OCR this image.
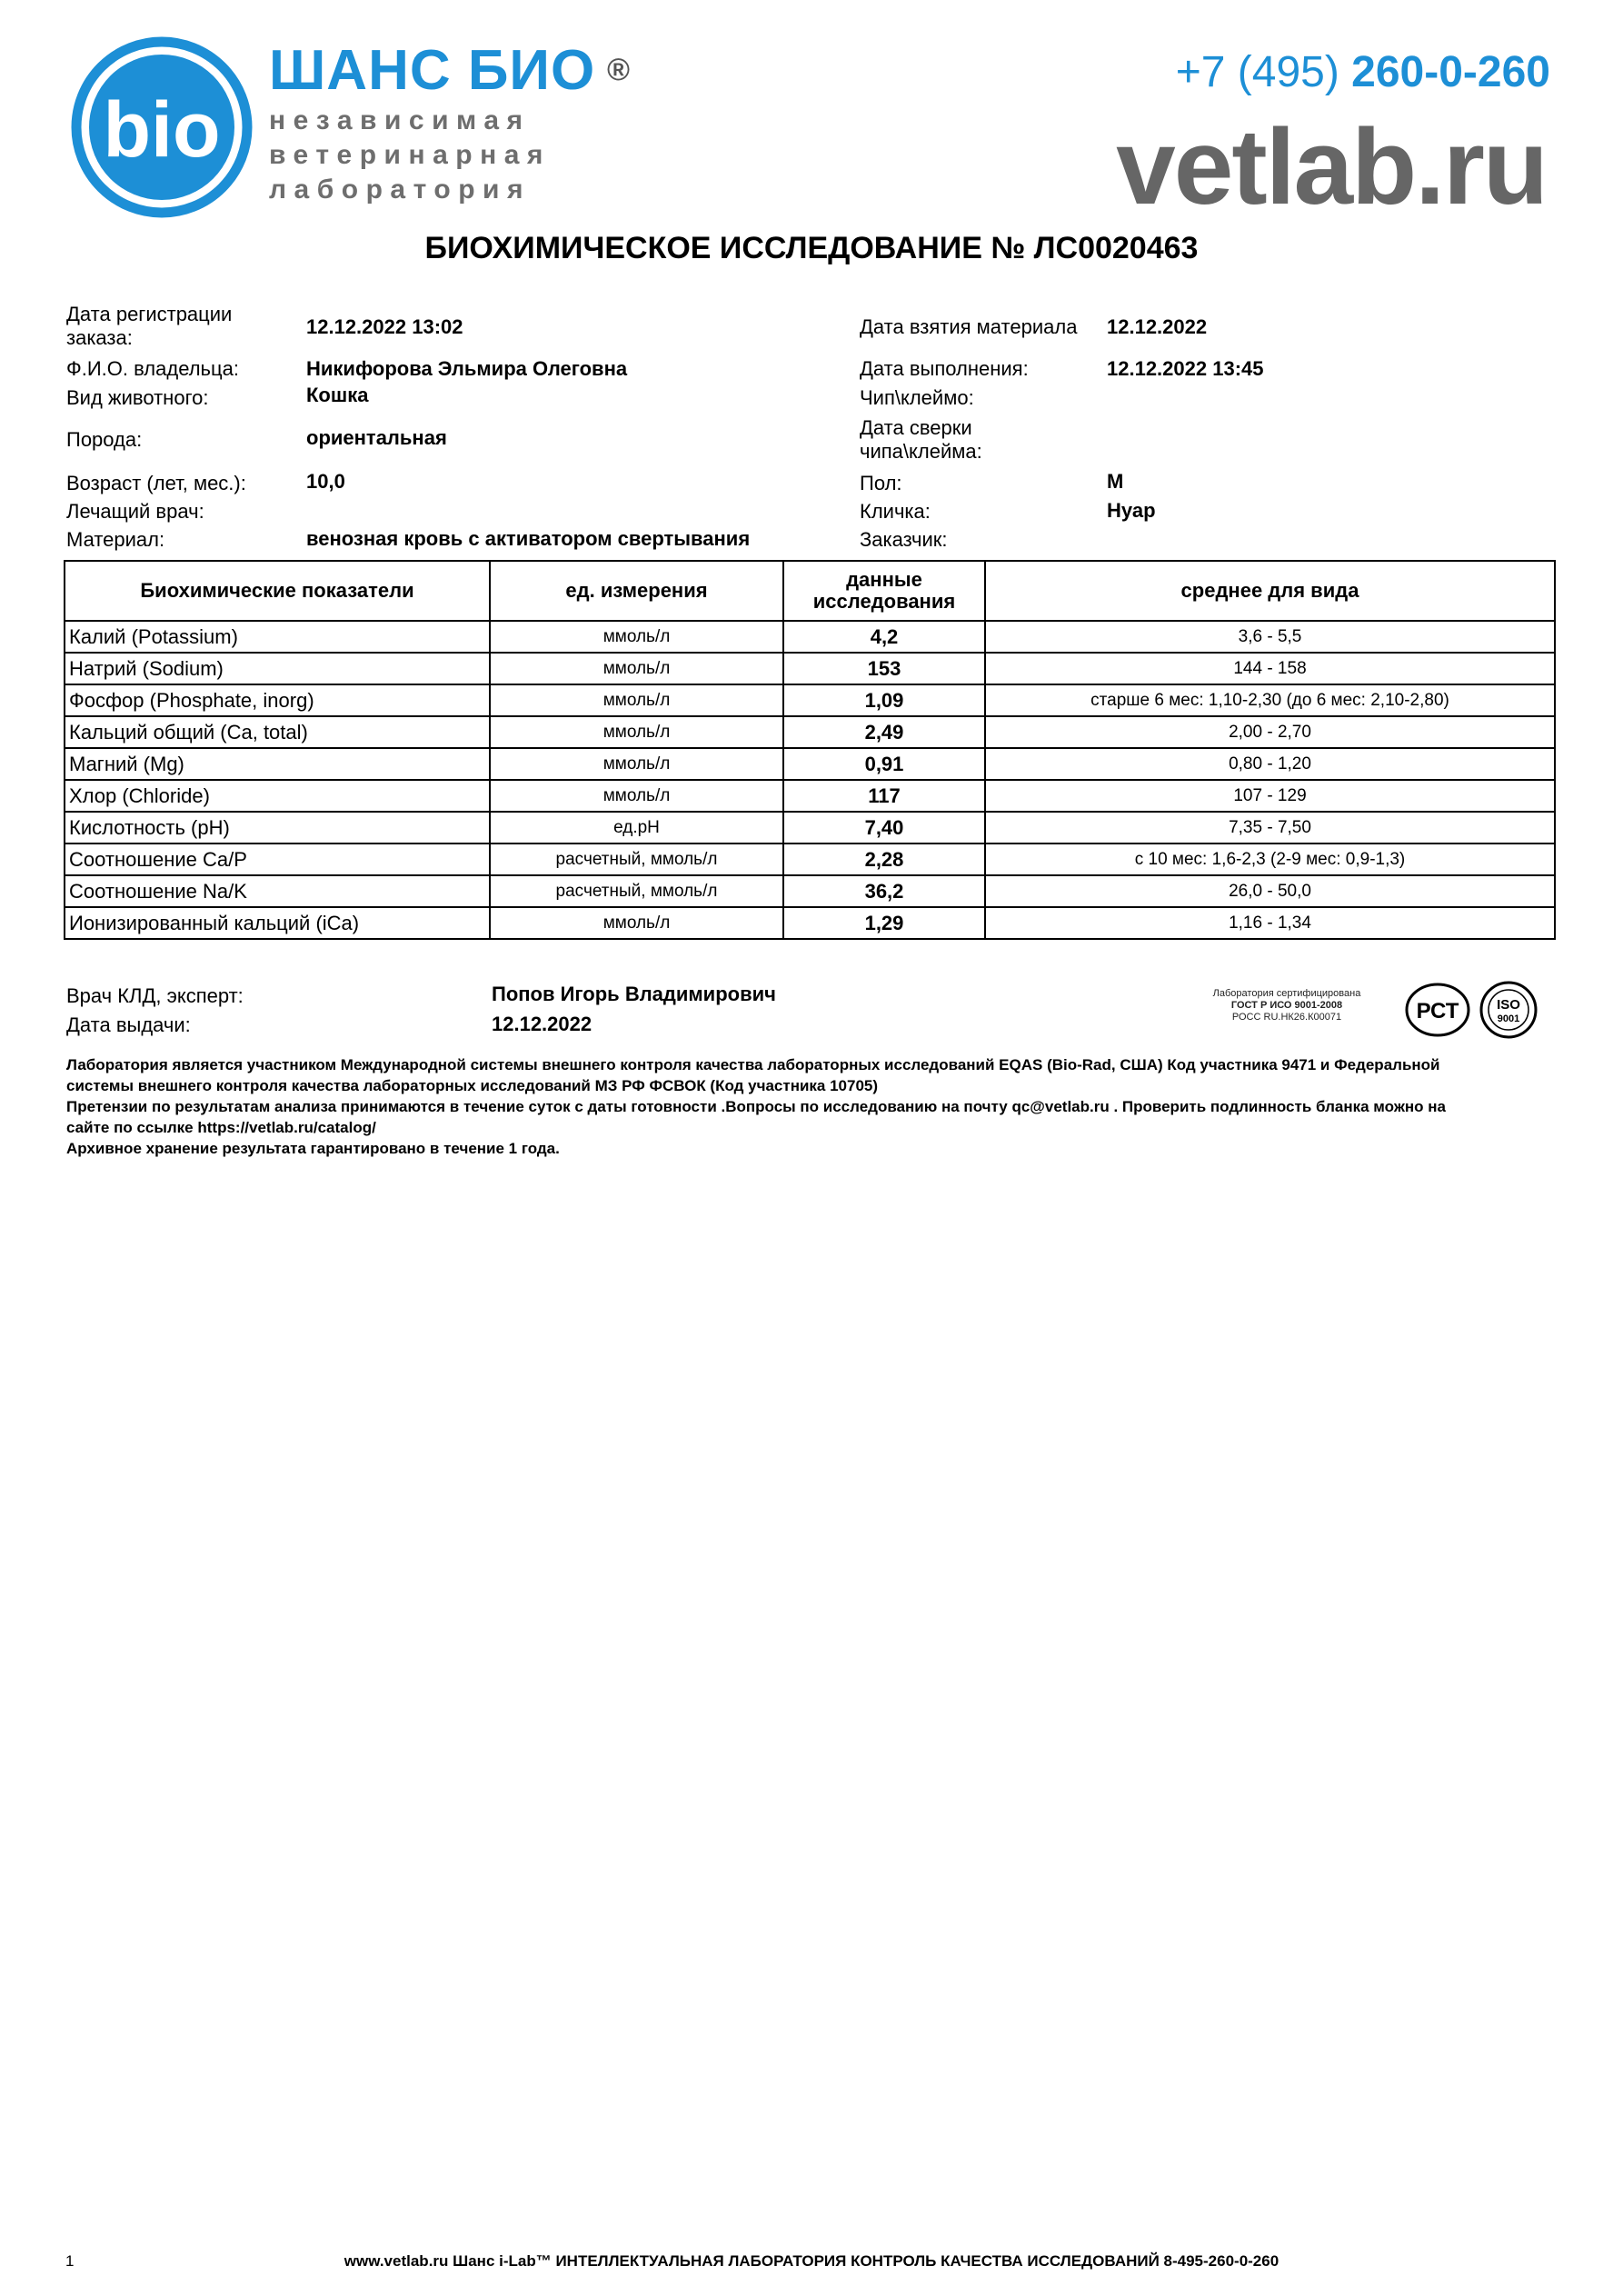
bio
ШАНС БИО ®
независимая
ветеринарная
лаборатория
+7 (495) 260-0-260
vetlab.ru
БИОХИМИЧЕСКОЕ ИССЛЕДОВАНИЕ № ЛС0020463
Дата регистрации
заказа:	12.12.2022 13:02
Ф.И.О. владельца:	Никифорова Эльмира Олеговна
Вид животного:	Кошка
Порода:	ориентальная
Возраст (лет, мес.):	10,0
Лечащий врач:
Материал:	венозная кровь с активатором свертывания
Дата взятия материала 12.12.2022
Дата выполнения:	12.12.2022 13:45
Чип\клеймо:
Дата сверки
чипа\клейма:
Пол:	М
Кличка:	Нуар
Заказчик:
Биохимические показатели	ед. измерения	данные
исследования	среднее для вида
Калий (Potassium)	ммоль/л	4,2	3,6 - 5,5
Натрий (Sodium)	ммоль/л	153	144 - 158
Фосфор (Phosphate, inorg)	ммоль/л	1,09	старше 6 мес: 1,10-2,30 (до 6 мес: 2,10-2,80)
Кальций общий (Ca, total)	ммоль/л	2,49	2,00 - 2,70
Магний (Mg)	ммоль/л	0,91	0,80 - 1,20
Хлор (Chloride)	ммоль/л	117	107 - 129
Кислотность (pH)	ед.pH	7,40	7,35 - 7,50
Соотношение Ca/P	расчетный, ммоль/л	2,28	с 10 мес: 1,6-2,3 (2-9 мес: 0,9-1,3)
Соотношение Na/K	расчетный, ммоль/л	36,2	26,0 - 50,0
Ионизированный кальций (iCa)	ммоль/л	1,29	1,16 - 1,34
Врач КЛД, эксперт:	Попов Игорь Владимирович
Дата выдачи:	12.12.2022
Лаборатория сертифицирована
ГОСТ Р ИСО 9001-2008
РОСС RU.НК26.К00071	РСТ	ISO
9001
Лаборатория является участником Международной системы внешнего контроля качества лабораторных исследований EQAS (Bio-Rad, США) Код участника 9471 и Федеральной
системы внешнего контроля качества лабораторных исследований МЗ РФ ФСВОК (Код участника 10705)
Претензии по результатам анализа принимаются в течение суток с даты готовности .Вопросы по исследованию на почту qc@vetlab.ru . Проверить подлинность бланка можно на
сайте по ссылке https://vetlab.ru/catalog/
Архивное хранение результата гарантировано в течение 1 года.
1	www.vetlab.ru Шанс i-Lab™ ИНТЕЛЛЕКТУАЛЬНАЯ ЛАБОРАТОРИЯ КОНТРОЛЬ КАЧЕСТВА ИССЛЕДОВАНИЙ 8-495-260-0-260
